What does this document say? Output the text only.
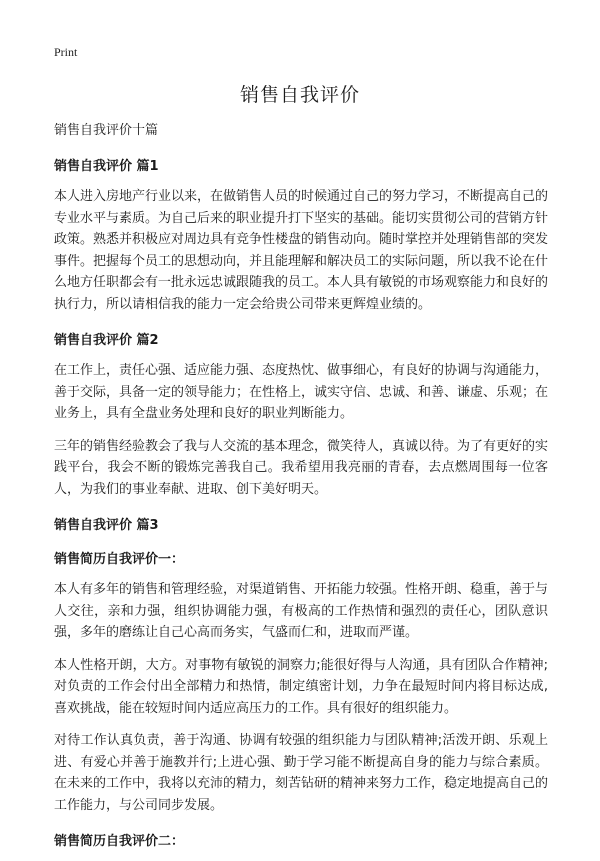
Print
销售自我评价

销售自我评价十篇

销售自我评价 篇1

本人进入房地产行业以来，在做销售人员的时候通过自己的努力学习，不断提高自己的专业水平与素质。为自己后来的职业提升打下坚实的基础。能切实贯彻公司的营销方针政策。熟悉并积极应对周边具有竞争性楼盘的销售动向。随时掌控并处理销售部的突发事件。把握每个员工的思想动向，并且能理解和解决员工的实际问题，所以我不论在什么地方任职都会有一批永远忠诚跟随我的员工。本人具有敏锐的市场观察能力和良好的执行力，所以请相信我的能力一定会给贵公司带来更辉煌业绩的。

销售自我评价 篇2

在工作上，责任心强、适应能力强、态度热忱、做事细心，有良好的协调与沟通能力，善于交际，具备一定的领导能力；在性格上，诚实守信、忠诚、和善、谦虚、乐观；在业务上，具有全盘业务处理和良好的职业判断能力。

三年的销售经验教会了我与人交流的基本理念，微笑待人，真诚以待。为了有更好的实践平台，我会不断的锻炼完善我自己。我希望用我亮丽的青春，去点燃周围每一位客人，为我们的事业奉献、进取、创下美好明天。

销售自我评价 篇3

销售简历自我评价一：

本人有多年的销售和管理经验，对渠道销售、开拓能力较强。性格开朗、稳重，善于与人交往，亲和力强，组织协调能力强，有极高的工作热情和强烈的责任心，团队意识强，多年的磨练让自己心高而务实，气盛而仁和，进取而严谨。

本人性格开朗，大方。对事物有敏锐的洞察力;能很好得与人沟通，具有团队合作精神;对负责的工作会付出全部精力和热情，制定缜密计划，力争在最短时间内将目标达成,喜欢挑战，能在较短时间内适应高压力的工作。具有很好的组织能力。

对待工作认真负责，善于沟通、协调有较强的组织能力与团队精神;活泼开朗、乐观上进、有爱心并善于施教并行;上进心强、勤于学习能不断提高自身的能力与综合素质。在未来的工作中，我将以充沛的精力，刻苦钻研的精神来努力工作，稳定地提高自己的工作能力，与公司同步发展。

销售简历自我评价二：
